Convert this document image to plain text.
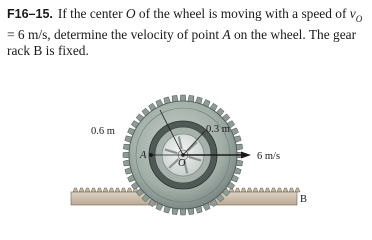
F16–15. If the center O of the wheel is moving with a speed of $v_O = 6$ m/s, determine the velocity of point A on the wheel. The gear rack B is fixed.
0.6 m	0.3 m
A
O
6 m/s
B
